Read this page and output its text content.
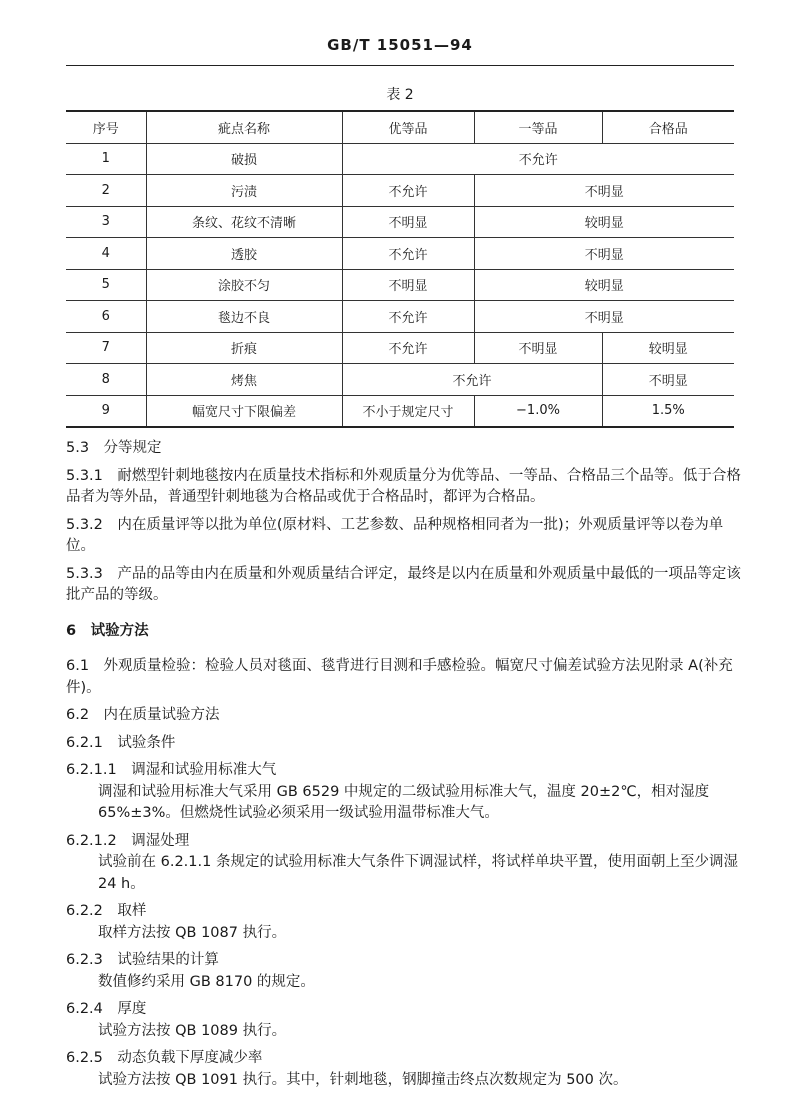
GB/T 15051—94
表 2
序号	疵点名称	优等品	一等品	合格品
1	破损	不允许		
2	污渍	不允许	不明显	
3	条纹、花纹不清晰	不明显	较明显	
4	透胶	不允许	不明显	
5	涂胶不匀	不明显	较明显	
6	毯边不良	不允许	不明显	
7	折痕	不允许	不明显	较明显
8	烤焦	不允许		不明显
9	幅宽尺寸下限偏差	不小于规定尺寸	−1.0%	1.5%

5.3　分等规定

5.3.1　耐燃型针刺地毯按内在质量技术指标和外观质量分为优等品、一等品、合格品三个品等。低于合格品者为等外品，普通型针刺地毯为合格品或优于合格品时，都评为合格品。

5.3.2　内在质量评等以批为单位(原材料、工艺参数、品种规格相同者为一批)；外观质量评等以卷为单位。

5.3.3　产品的品等由内在质量和外观质量结合评定，最终是以内在质量和外观质量中最低的一项品等定该批产品的等级。

6　试验方法

6.1　外观质量检验：检验人员对毯面、毯背进行目测和手感检验。幅宽尺寸偏差试验方法见附录 A(补充件)。

6.2　内在质量试验方法

6.2.1　试验条件

6.2.1.1　调湿和试验用标准大气

调湿和试验用标准大气采用 GB 6529 中规定的二级试验用标准大气，温度 20±2℃，相对湿度 65%±3%。但燃烧性试验必须采用一级试验用温带标准大气。

6.2.1.2　调湿处理

试验前在 6.2.1.1 条规定的试验用标准大气条件下调湿试样，将试样单块平置，使用面朝上至少调湿 24 h。

6.2.2　取样

取样方法按 QB 1087 执行。

6.2.3　试验结果的计算

数值修约采用 GB 8170 的规定。

6.2.4　厚度

试验方法按 QB 1089 执行。

6.2.5　动态负载下厚度减少率

试验方法按 QB 1091 执行。其中，针刺地毯，钢脚撞击终点次数规定为 500 次。
